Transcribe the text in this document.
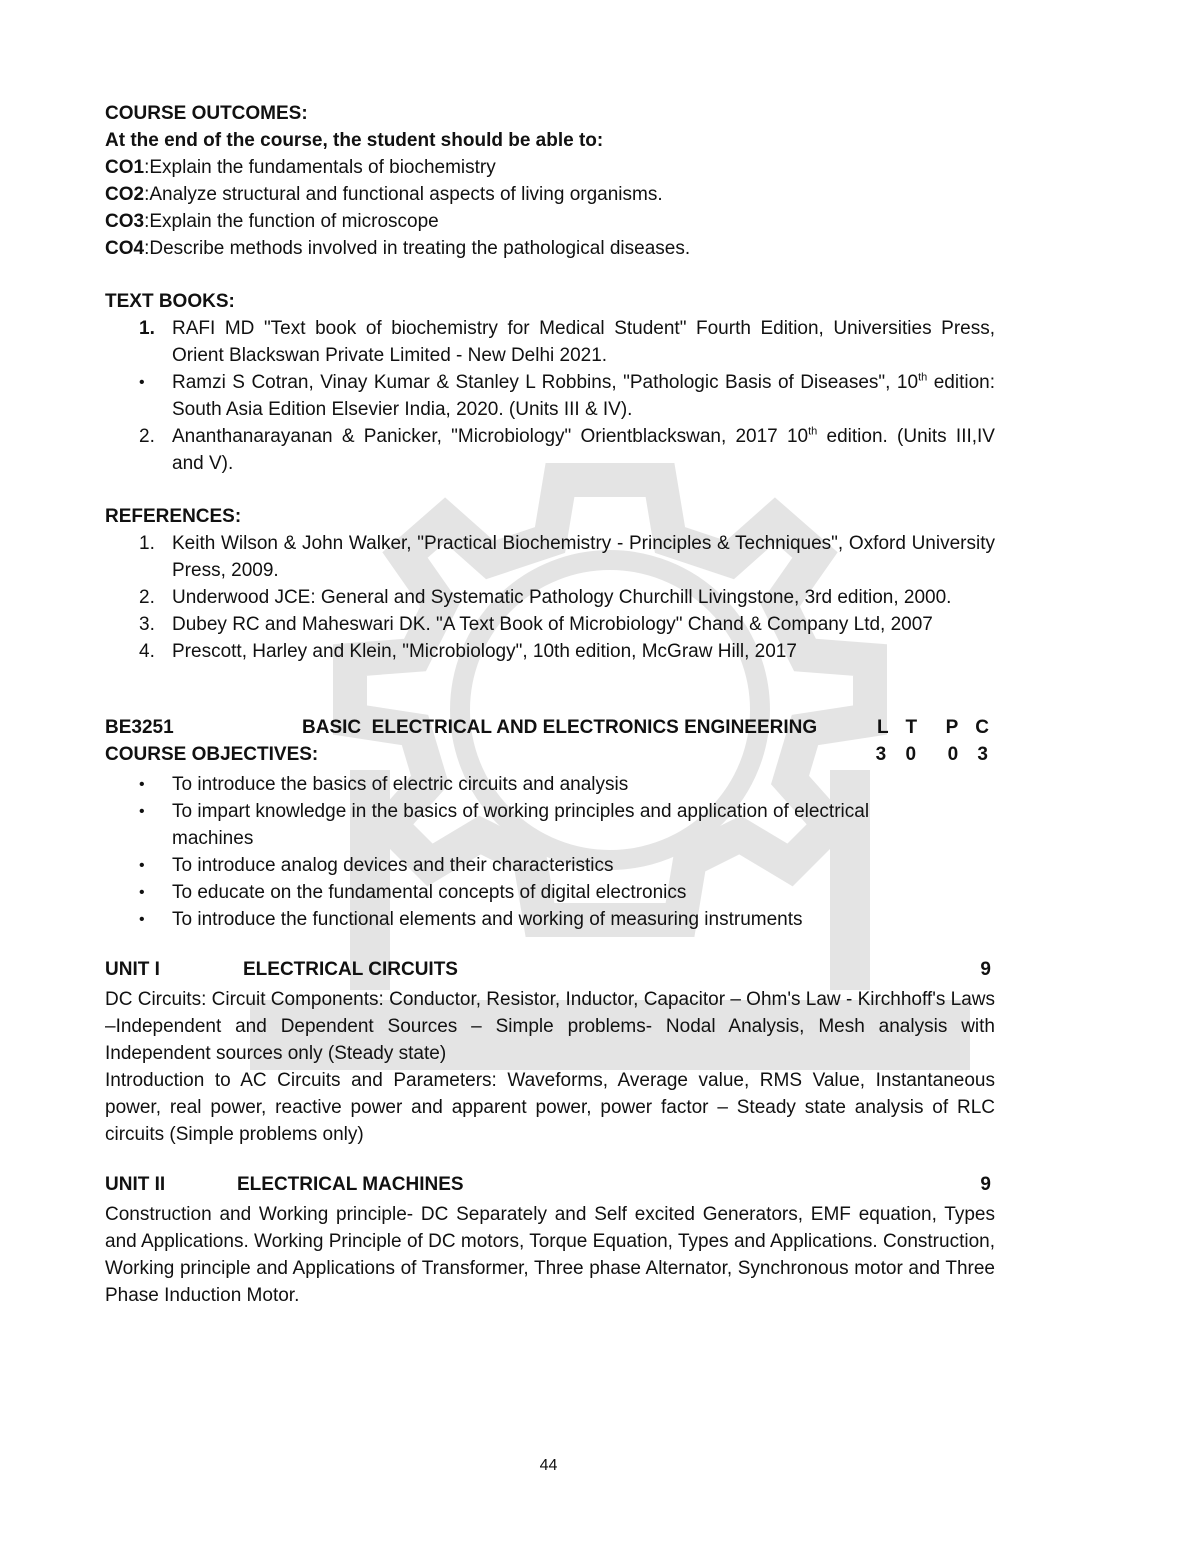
COURSE OUTCOMES:
At the end of the course, the student should be able to:
CO1:Explain the fundamentals of biochemistry
CO2:Analyze structural and functional aspects of living organisms.
CO3:Explain the function of microscope
CO4:Describe methods involved in treating the pathological diseases.
TEXT BOOKS:
1. RAFI MD "Text book of biochemistry for Medical Student" Fourth Edition, Universities Press, Orient Blackswan Private Limited - New Delhi 2021.
• Ramzi S Cotran, Vinay Kumar & Stanley L Robbins, "Pathologic Basis of Diseases", 10th edition: South Asia Edition Elsevier India, 2020. (Units III & IV).
2. Ananthanarayanan & Panicker, "Microbiology" Orientblackswan, 2017 10th edition. (Units III,IV and V).
REFERENCES:
1. Keith Wilson & John Walker, "Practical Biochemistry - Principles & Techniques", Oxford University Press, 2009.
2. Underwood JCE: General and Systematic Pathology Churchill Livingstone, 3rd edition, 2000.
3. Dubey RC and Maheswari DK. "A Text Book of Microbiology" Chand & Company Ltd, 2007
4. Prescott, Harley and Klein, "Microbiology", 10th edition, McGraw Hill, 2017
BE3251	BASIC  ELECTRICAL AND ELECTRONICS ENGINEERING	L T  P C
COURSE OBJECTIVES:	3 0  0 3
• To introduce the basics of electric circuits and analysis
• To impart knowledge in the basics of working principles and application of electrical machines
• To introduce analog devices and their characteristics
• To educate on the fundamental concepts of digital electronics
• To introduce the functional elements and working of measuring instruments
UNIT I	ELECTRICAL CIRCUITS	9
DC Circuits: Circuit Components: Conductor, Resistor, Inductor, Capacitor – Ohm's Law - Kirchhoff's Laws –Independent and Dependent Sources – Simple problems- Nodal Analysis, Mesh analysis with Independent sources only (Steady state)
Introduction to AC Circuits and Parameters: Waveforms, Average value, RMS Value, Instantaneous power, real power, reactive power and apparent power, power factor – Steady state analysis of RLC circuits (Simple problems only)
UNIT II	ELECTRICAL MACHINES	9
Construction and Working principle- DC Separately and Self excited Generators, EMF equation, Types and Applications. Working Principle of DC motors, Torque Equation, Types and Applications. Construction, Working principle and Applications of Transformer, Three phase Alternator, Synchronous motor and Three Phase Induction Motor.
44
